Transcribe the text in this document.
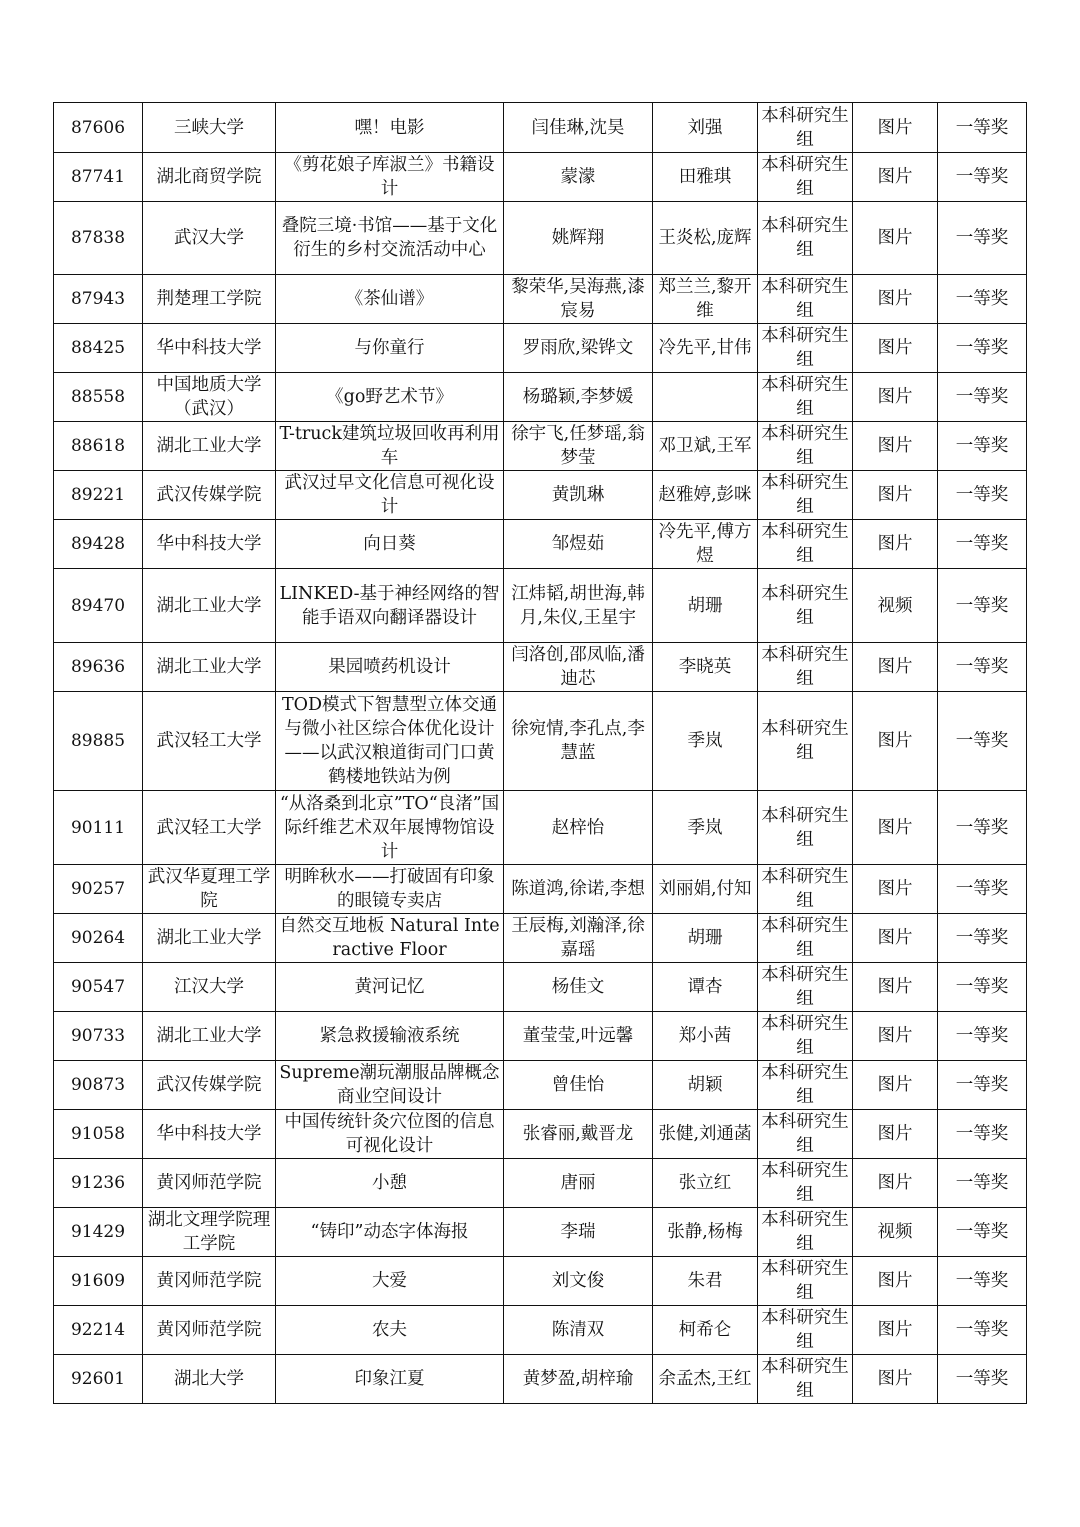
87606	三峡大学	嘿！电影	闫佳琳,沈昊	刘强	本科研究生组	图片	一等奖
87741	湖北商贸学院	《剪花娘子库淑兰》书籍设计	蒙濛	田雅琪	本科研究生组	图片	一等奖
87838	武汉大学	叠院三境·书馆——基于文化衍生的乡村交流活动中心	姚辉翔	王炎松,庞辉	本科研究生组	图片	一等奖
87943	荆楚理工学院	《茶仙谱》	黎荣华,吴海燕,漆宸易	郑兰兰,黎开维	本科研究生组	图片	一等奖
88425	华中科技大学	与你童行	罗雨欣,梁铧文	冷先平,甘伟	本科研究生组	图片	一等奖
88558	中国地质大学（武汉）	《go野艺术节》	杨璐颖,李梦媛		本科研究生组	图片	一等奖
88618	湖北工业大学	T-truck建筑垃圾回收再利用车	徐宇飞,任梦瑶,翁梦莹	邓卫斌,王军	本科研究生组	图片	一等奖
89221	武汉传媒学院	武汉过早文化信息可视化设计	黄凯琳	赵雅婷,彭咪	本科研究生组	图片	一等奖
89428	华中科技大学	向日葵	邹煜茹	冷先平,傅方煜	本科研究生组	图片	一等奖
89470	湖北工业大学	LINKED-基于神经网络的智能手语双向翻译器设计	江炜韬,胡世海,韩月,朱仪,王星宇	胡珊	本科研究生组	视频	一等奖
89636	湖北工业大学	果园喷药机设计	闫洛创,邵凤临,潘迪芯	李晓英	本科研究生组	图片	一等奖
89885	武汉轻工大学	TOD模式下智慧型立体交通与微小社区综合体优化设计——以武汉粮道街司门口黄鹤楼地铁站为例	徐宛情,李孔点,李慧蓝	季岚	本科研究生组	图片	一等奖
90111	武汉轻工大学	“从洛桑到北京”TO“良渚”国际纤维艺术双年展博物馆设计	赵梓怡	季岚	本科研究生组	图片	一等奖
90257	武汉华夏理工学院	明眸秋水——打破固有印象的眼镜专卖店	陈道鸿,徐诺,李想	刘丽娟,付知	本科研究生组	图片	一等奖
90264	湖北工业大学	自然交互地板 Natural Interactive Floor	王辰梅,刘瀚泽,徐嘉瑶	胡珊	本科研究生组	图片	一等奖
90547	江汉大学	黄河记忆	杨佳文	谭杏	本科研究生组	图片	一等奖
90733	湖北工业大学	紧急救援输液系统	董莹莹,叶远馨	郑小茜	本科研究生组	图片	一等奖
90873	武汉传媒学院	Supreme潮玩潮服品牌概念商业空间设计	曾佳怡	胡颖	本科研究生组	图片	一等奖
91058	华中科技大学	中国传统针灸穴位图的信息可视化设计	张睿丽,戴晋龙	张健,刘通菡	本科研究生组	图片	一等奖
91236	黄冈师范学院	小憩	唐丽	张立红	本科研究生组	图片	一等奖
91429	湖北文理学院理工学院	“铸印”动态字体海报	李瑞	张静,杨梅	本科研究生组	视频	一等奖
91609	黄冈师范学院	大爱	刘文俊	朱君	本科研究生组	图片	一等奖
92214	黄冈师范学院	农夫	陈清双	柯希仑	本科研究生组	图片	一等奖
92601	湖北大学	印象江夏	黄梦盈,胡梓瑜	余孟杰,王红	本科研究生组	图片	一等奖
